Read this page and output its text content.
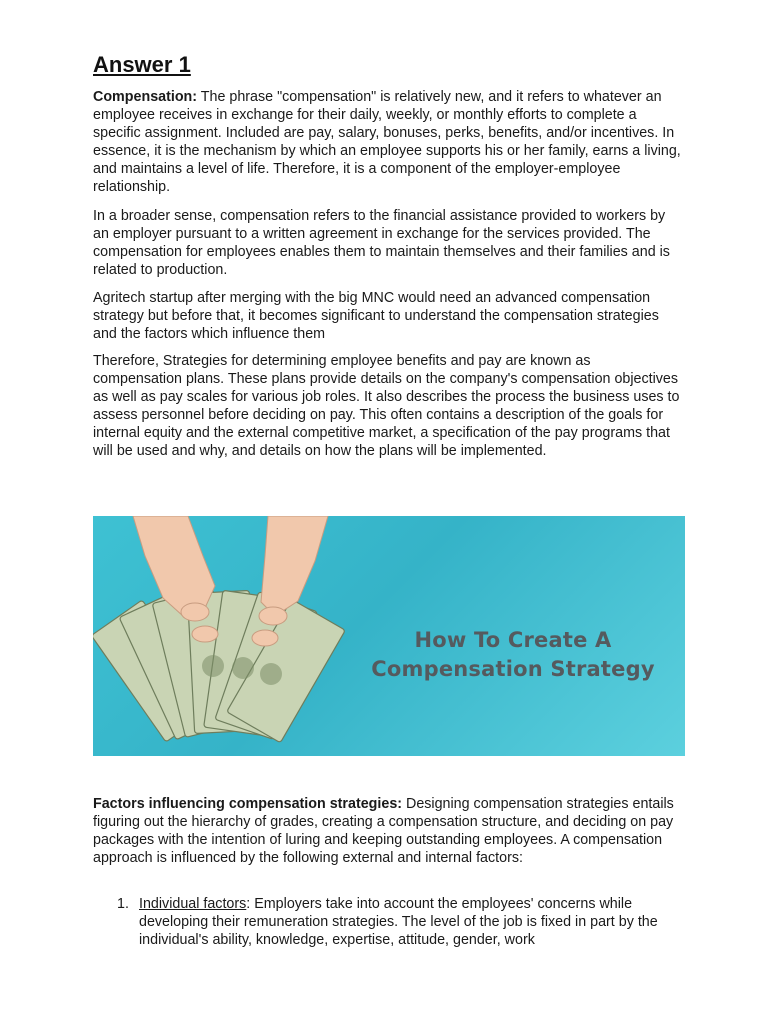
Answer 1

Compensation: The phrase "compensation" is relatively new, and it refers to whatever an employee receives in exchange for their daily, weekly, or monthly efforts to complete a specific assignment. Included are pay, salary, bonuses, perks, benefits, and/or incentives. In essence, it is the mechanism by which an employee supports his or her family, earns a living, and maintains a level of life. Therefore, it is a component of the employer-employee relationship.

In a broader sense, compensation refers to the financial assistance provided to workers by an employer pursuant to a written agreement in exchange for the services provided. The compensation for employees enables them to maintain themselves and their families and is related to production.

Agritech startup after merging with the big MNC would need an advanced compensation strategy but before that, it becomes significant to understand the compensation strategies and the factors which influence them

Therefore, Strategies for determining employee benefits and pay are known as compensation plans. These plans provide details on the company's compensation objectives as well as pay scales for various job roles. It also describes the process the business uses to assess personnel before deciding on pay. This often contains a description of the goals for internal equity and the external competitive market, a specification of the pay programs that will be used and why, and details on how the plans will be implemented.

How To Create A
Compensation Strategy

Factors influencing compensation strategies: Designing compensation strategies entails figuring out the hierarchy of grades, creating a compensation structure, and deciding on pay packages with the intention of luring and keeping outstanding employees. A compensation approach is influenced by the following external and internal factors:

1. Individual factors: Employers take into account the employees' concerns while developing their remuneration strategies. The level of the job is fixed in part by the individual's ability, knowledge, expertise, attitude, gender, work
